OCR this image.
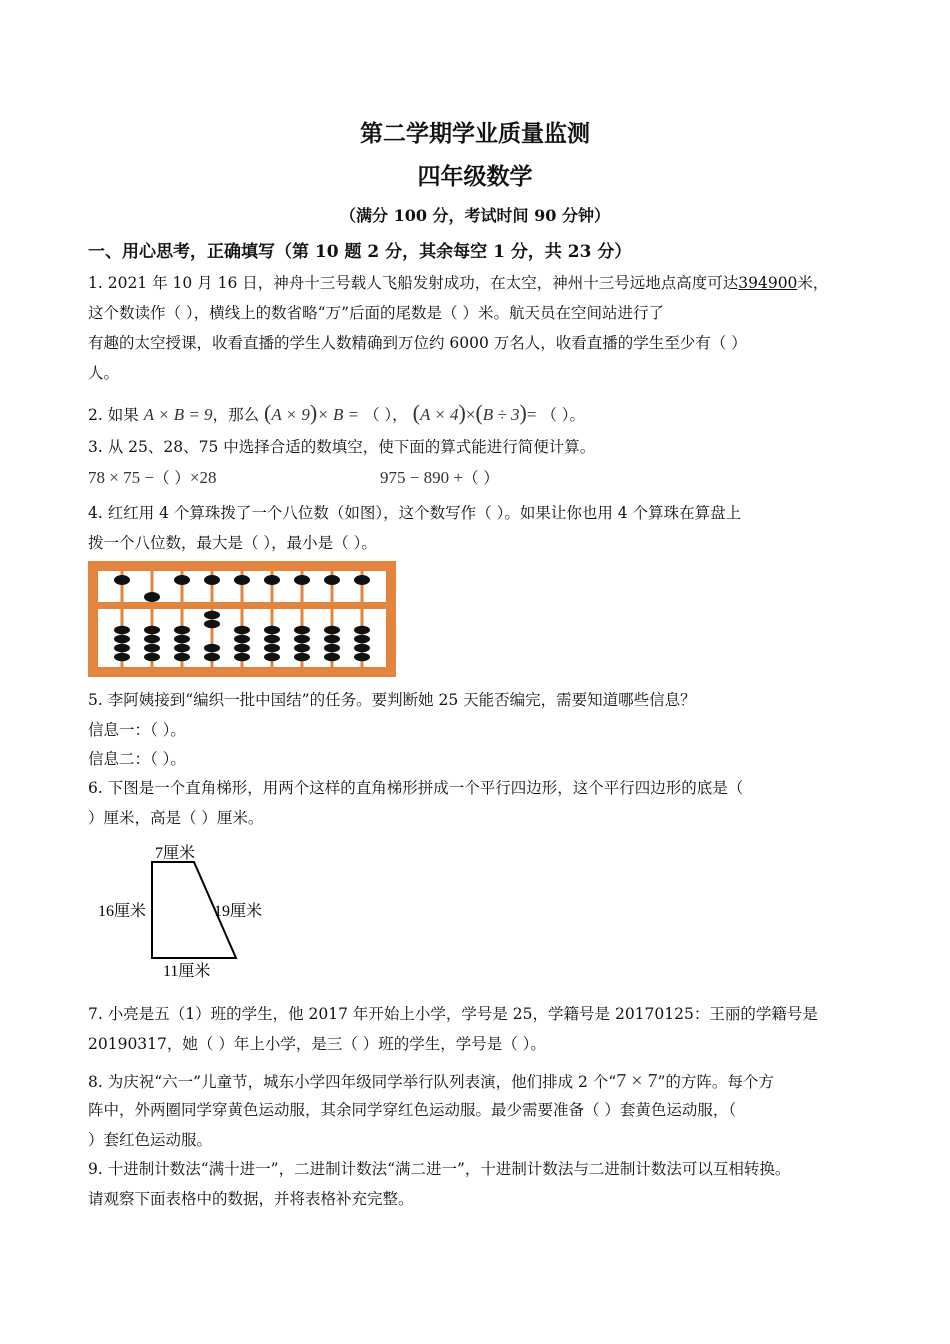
第二学期学业质量监测
四年级数学
（满分 100 分，考试时间 90 分钟）
一、用心思考，正确填写（第 10 题 2 分，其余每空 1 分，共 23 分）
1. 2021 年 10 月 16 日，神舟十三号载人飞船发射成功，在太空，神州十三号远地点高度可达394900米，
这个数读作（ ），横线上的数省略“万”后面的尾数是（ ）米。航天员在空间站进行了
有趣的太空授课，收看直播的学生人数精确到万位约 6000 万名人，收看直播的学生至少有（ ）
人。
2. 如果 A × B = 9，那么 (A × 9)× B = （ ）， (A × 4)×(B ÷ 3)= （ ）。
3. 从 25、28、75 中选择合适的数填空，使下面的算式能进行简便计算。
78 × 75 −（ ）×28	975 − 890 +（ ）
4. 红红用 4 个算珠拨了一个八位数（如图），这个数写作（ ）。如果让你也用 4 个算珠在算盘上
拨一个八位数，最大是（ ），最小是（ ）。
5. 李阿姨接到“编织一批中国结”的任务。要判断她 25 天能否编完，需要知道哪些信息？
信息一：（ ）。
信息二：（ ）。
6. 下图是一个直角梯形，用两个这样的直角梯形拼成一个平行四边形，这个平行四边形的底是（
）厘米，高是（ ）厘米。
7厘米
16厘米	19厘米
11厘米
7. 小亮是五（1）班的学生，他 2017 年开始上小学，学号是 25，学籍号是 20170125：王丽的学籍号是
20190317，她（ ）年上小学，是三（ ）班的学生，学号是（ ）。
8. 为庆祝“六一”儿童节，城东小学四年级同学举行队列表演，他们排成 2 个“7 × 7”的方阵。每个方
阵中，外两圈同学穿黄色运动服，其余同学穿红色运动服。最少需要准备（ ）套黄色运动服，（
）套红色运动服。
9. 十进制计数法“满十进一”，二进制计数法“满二进一”，十进制计数法与二进制计数法可以互相转换。
请观察下面表格中的数据，并将表格补充完整。
